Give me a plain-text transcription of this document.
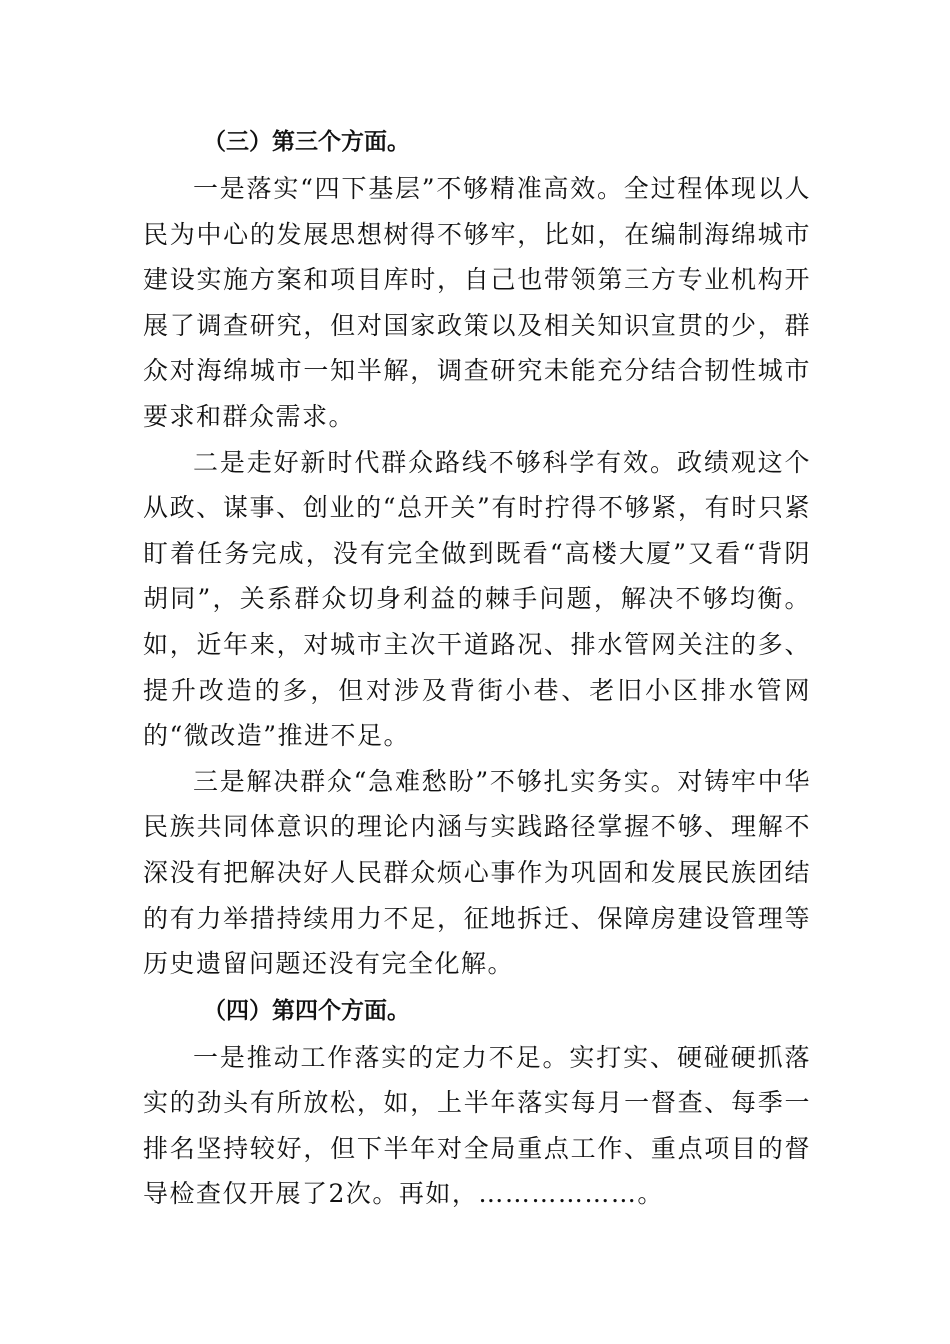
（三）第三个方面。

一是落实“四下基层”不够精准高效。全过程体现以人民为中心的发展思想树得不够牢，比如，在编制海绵城市建设实施方案和项目库时，自己也带领第三方专业机构开展了调查研究，但对国家政策以及相关知识宣贯的少，群众对海绵城市一知半解，调查研究未能充分结合韧性城市要求和群众需求。

二是走好新时代群众路线不够科学有效。政绩观这个从政、谋事、创业的“总开关”有时拧得不够紧，有时只紧盯着任务完成，没有完全做到既看“高楼大厦”又看“背阴胡同”，关系群众切身利益的棘手问题，解决不够均衡。如，近年来，对城市主次干道路况、排水管网关注的多、提升改造的多，但对涉及背街小巷、老旧小区排水管网的“微改造”推进不足。

三是解决群众“急难愁盼”不够扎实务实。对铸牢中华民族共同体意识的理论内涵与实践路径掌握不够、理解不深没有把解决好人民群众烦心事作为巩固和发展民族团结的有力举措持续用力不足，征地拆迁、保障房建设管理等历史遗留问题还没有完全化解。

（四）第四个方面。

一是推动工作落实的定力不足。实打实、硬碰硬抓落实的劲头有所放松，如，上半年落实每月一督查、每季一排名坚持较好，但下半年对全局重点工作、重点项目的督导检查仅开展了2次。再如，………………。
